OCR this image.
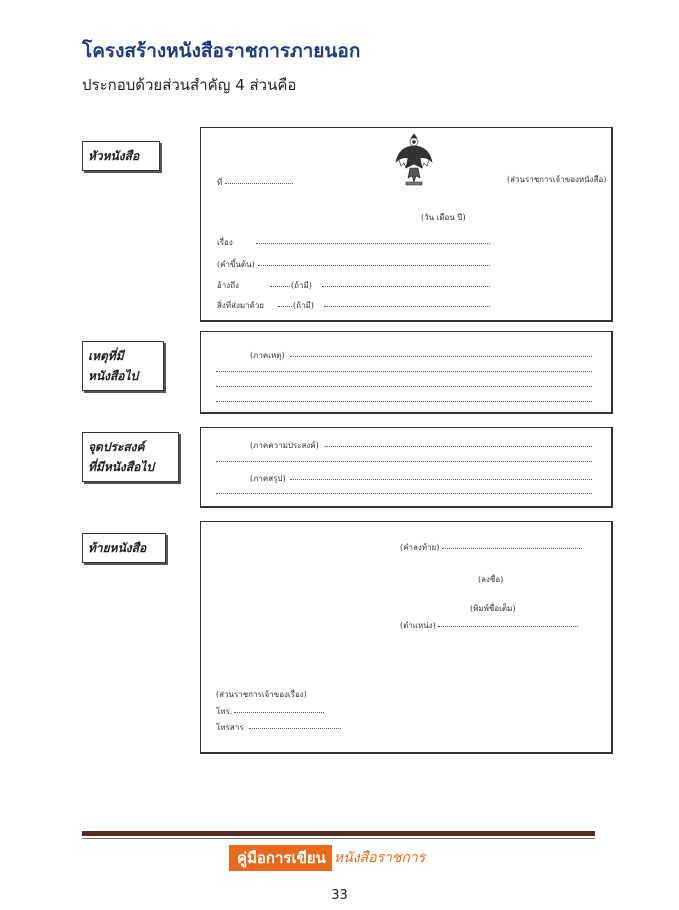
โครงสร้างหนังสือราชการภายนอก
ประกอบด้วยส่วนสำคัญ 4 ส่วนคือ
หัวหนังสือ
ที่	(ส่วนราชการเจ้าของหนังสือ)
(วัน เดือน ปี)
เรื่อง
(คำขึ้นต้น)
อ้างถึง	(ถ้ามี)
สิ่งที่ส่งมาด้วย	(ถ้ามี)
เหตุที่มี
หนังสือไป
(ภาคเหตุ)
จุดประสงค์
ที่มีหนังสือไป
(ภาคความประสงค์)
(ภาคสรุป)
ท้ายหนังสือ	(คำลงท้าย)
(ลงชื่อ)
(พิมพ์ชื่อเต็ม)
(ตำแหน่ง)
(ส่วนราชการเจ้าของเรื่อง)
โทร.
โทรสาร
คู่มือการเขียน หนังสือราชการ
33
